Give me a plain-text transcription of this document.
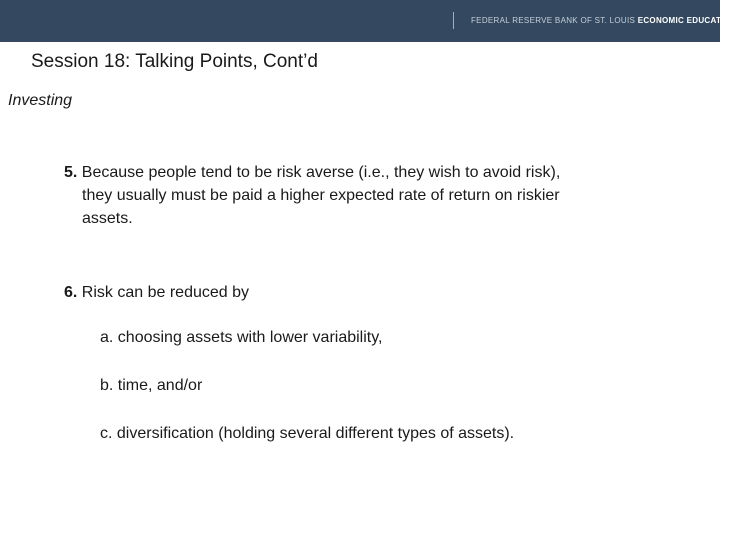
FEDERAL RESERVE BANK OF ST. LOUIS ECONOMIC EDUCATION
Session 18: Talking Points, Cont’d
Investing
5. Because people tend to be risk averse (i.e., they wish to avoid risk),
they usually must be paid a higher expected rate of return on riskier
assets.
6. Risk can be reduced by
a. choosing assets with lower variability,
b. time, and/or
c. diversification (holding several different types of assets).
